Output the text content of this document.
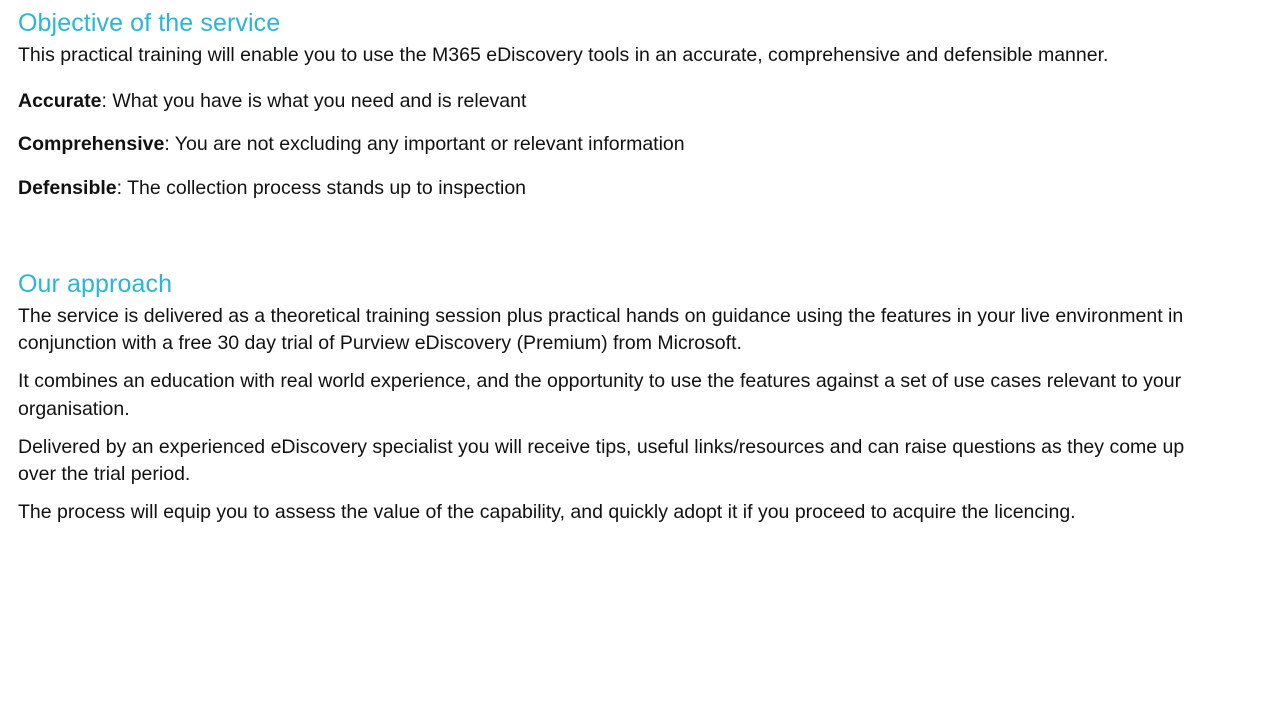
Objective of the service

This practical training will enable you to use the M365 eDiscovery tools in an accurate, comprehensive and defensible manner.

Accurate: What you have is what you need and is relevant

Comprehensive: You are not excluding any important or relevant information

Defensible: The collection process stands up to inspection

Our approach

The service is delivered as a theoretical training session plus practical hands on guidance using the features in your live environment in conjunction with a free 30 day trial of Purview eDiscovery (Premium) from Microsoft.

It combines an education with real world experience, and the opportunity to use the features against a set of use cases relevant to your organisation.

Delivered by an experienced eDiscovery specialist you will receive tips, useful links/resources and can raise questions as they come up over the trial period.

The process will equip you to assess the value of the capability, and quickly adopt it if you proceed to acquire the licencing.
